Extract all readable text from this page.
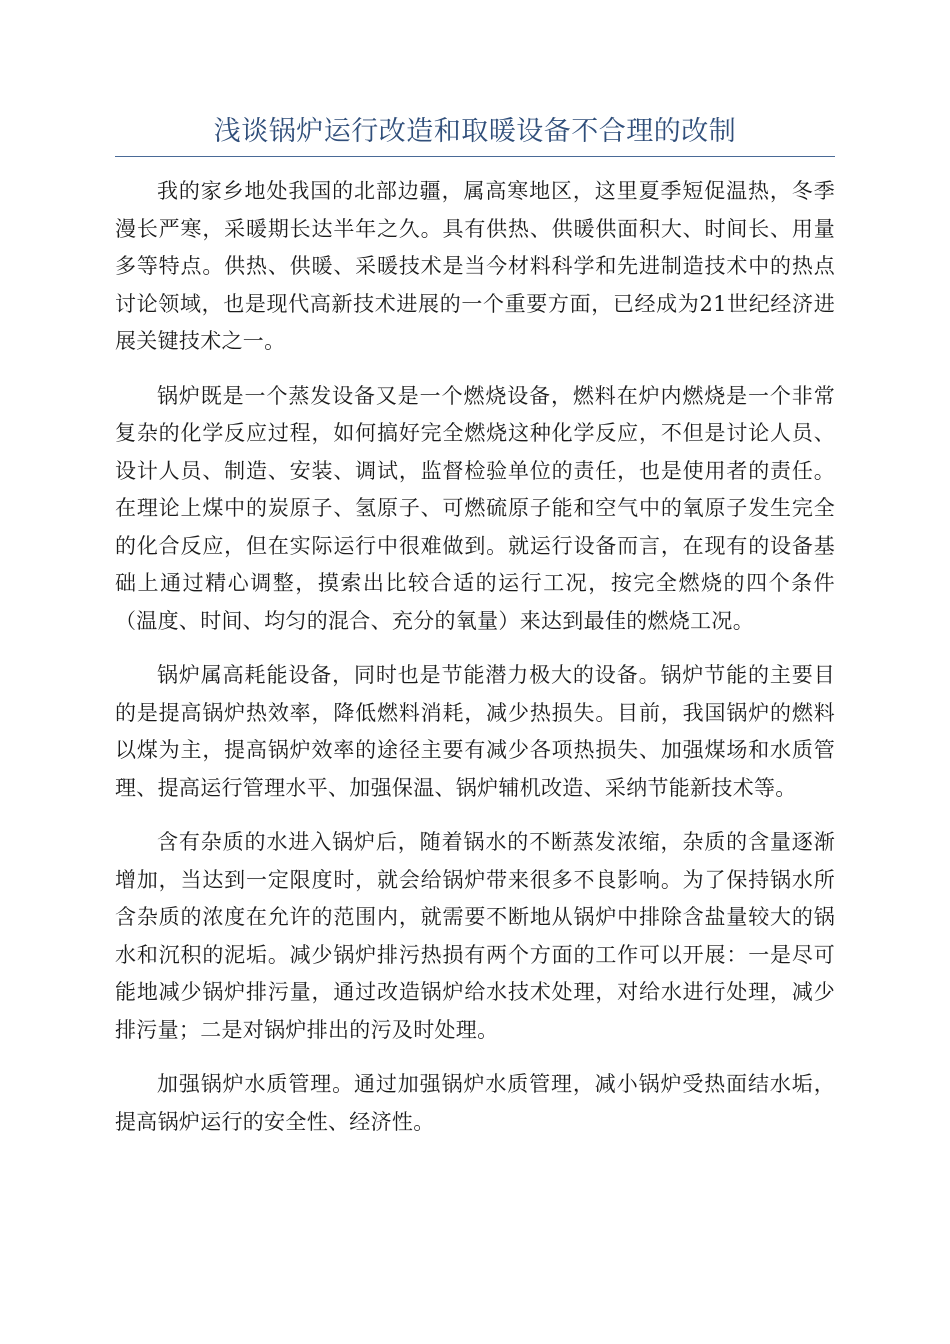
浅谈锅炉运行改造和取暖设备不合理的改制

我的家乡地处我国的北部边疆，属高寒地区，这里夏季短促温热，冬季漫长严寒，采暖期长达半年之久。具有供热、供暖供面积大、时间长、用量多等特点。供热、供暖、采暖技术是当今材料科学和先进制造技术中的热点讨论领域，也是现代高新技术进展的一个重要方面，已经成为21世纪经济进展关键技术之一。

锅炉既是一个蒸发设备又是一个燃烧设备，燃料在炉内燃烧是一个非常复杂的化学反应过程，如何搞好完全燃烧这种化学反应，不但是讨论人员、设计人员、制造、安装、调试，监督检验单位的责任，也是使用者的责任。在理论上煤中的炭原子、氢原子、可燃硫原子能和空气中的氧原子发生完全的化合反应，但在实际运行中很难做到。就运行设备而言，在现有的设备基础上通过精心调整，摸索出比较合适的运行工况，按完全燃烧的四个条件（温度、时间、均匀的混合、充分的氧量）来达到最佳的燃烧工况。

锅炉属高耗能设备，同时也是节能潜力极大的设备。锅炉节能的主要目的是提高锅炉热效率，降低燃料消耗，减少热损失。目前，我国锅炉的燃料以煤为主，提高锅炉效率的途径主要有减少各项热损失、加强煤场和水质管理、提高运行管理水平、加强保温、锅炉辅机改造、采纳节能新技术等。

含有杂质的水进入锅炉后，随着锅水的不断蒸发浓缩，杂质的含量逐渐增加，当达到一定限度时，就会给锅炉带来很多不良影响。为了保持锅水所含杂质的浓度在允许的范围内，就需要不断地从锅炉中排除含盐量较大的锅水和沉积的泥垢。减少锅炉排污热损有两个方面的工作可以开展：一是尽可能地减少锅炉排污量，通过改造锅炉给水技术处理，对给水进行处理，减少排污量；二是对锅炉排出的污及时处理。

加强锅炉水质管理。通过加强锅炉水质管理，减小锅炉受热面结水垢，提高锅炉运行的安全性、经济性。
